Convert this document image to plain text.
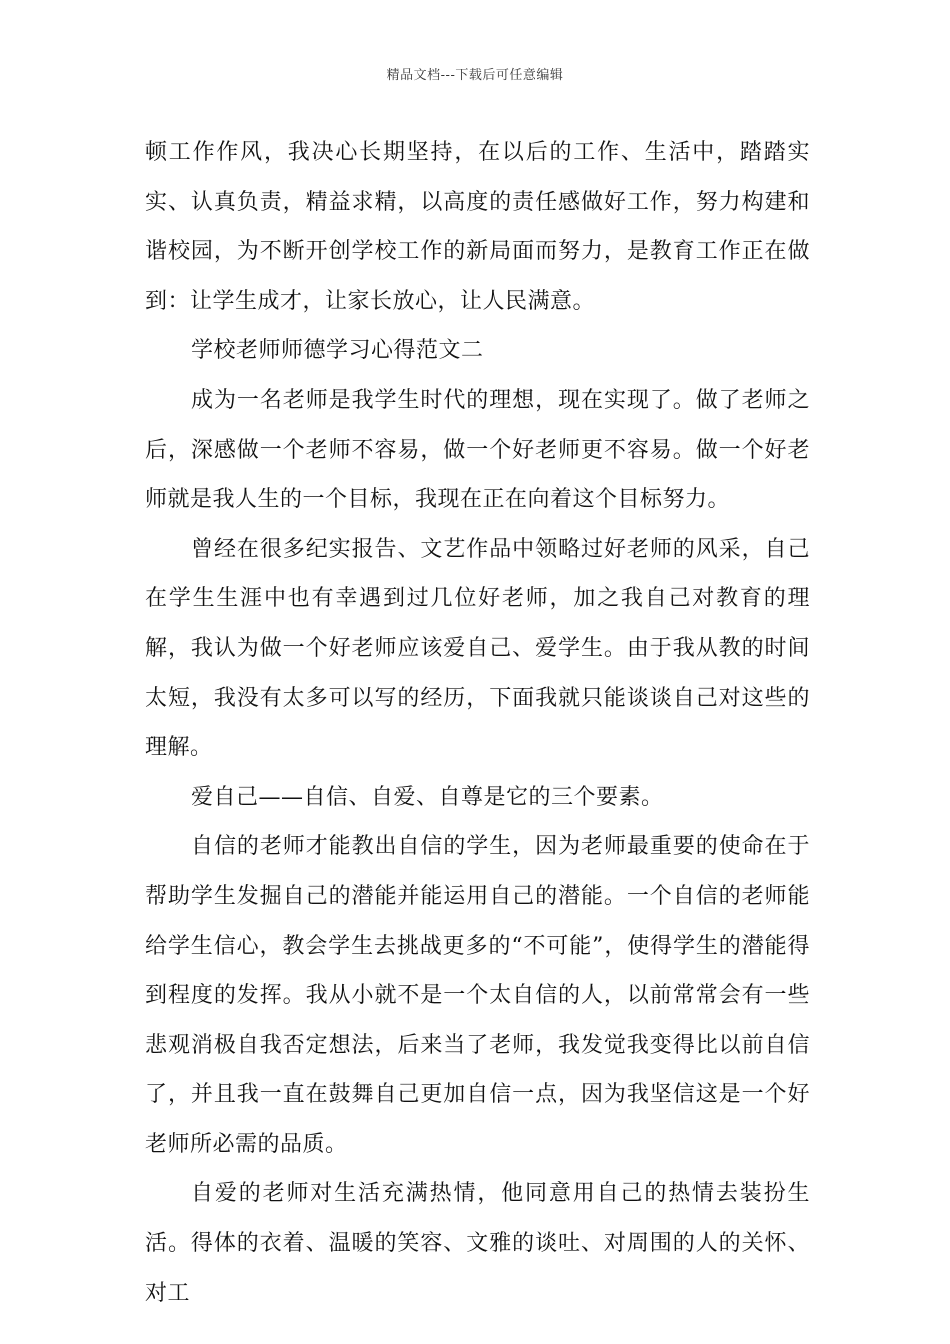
精品文档---下载后可任意编辑

顿工作作风，我决心长期坚持，在以后的工作、生活中，踏踏实实、认真负责，精益求精，以高度的责任感做好工作，努力构建和谐校园，为不断开创学校工作的新局面而努力，是教育工作正在做到：让学生成才，让家长放心，让人民满意。

学校老师师德学习心得范文二

成为一名老师是我学生时代的理想，现在实现了。做了老师之后，深感做一个老师不容易，做一个好老师更不容易。做一个好老师就是我人生的一个目标，我现在正在向着这个目标努力。

曾经在很多纪实报告、文艺作品中领略过好老师的风采，自己在学生生涯中也有幸遇到过几位好老师，加之我自己对教育的理解，我认为做一个好老师应该爱自己、爱学生。由于我从教的时间太短，我没有太多可以写的经历，下面我就只能谈谈自己对这些的理解。

爱自己——自信、自爱、自尊是它的三个要素。

自信的老师才能教出自信的学生，因为老师最重要的使命在于帮助学生发掘自己的潜能并能运用自己的潜能。一个自信的老师能给学生信心，教会学生去挑战更多的“不可能”，使得学生的潜能得到程度的发挥。我从小就不是一个太自信的人，以前常常会有一些悲观消极自我否定想法，后来当了老师，我发觉我变得比以前自信了，并且我一直在鼓舞自己更加自信一点，因为我坚信这是一个好老师所必需的品质。

自爱的老师对生活充满热情，他同意用自己的热情去装扮生活。得体的衣着、温暖的笑容、文雅的谈吐、对周围的人的关怀、对工
